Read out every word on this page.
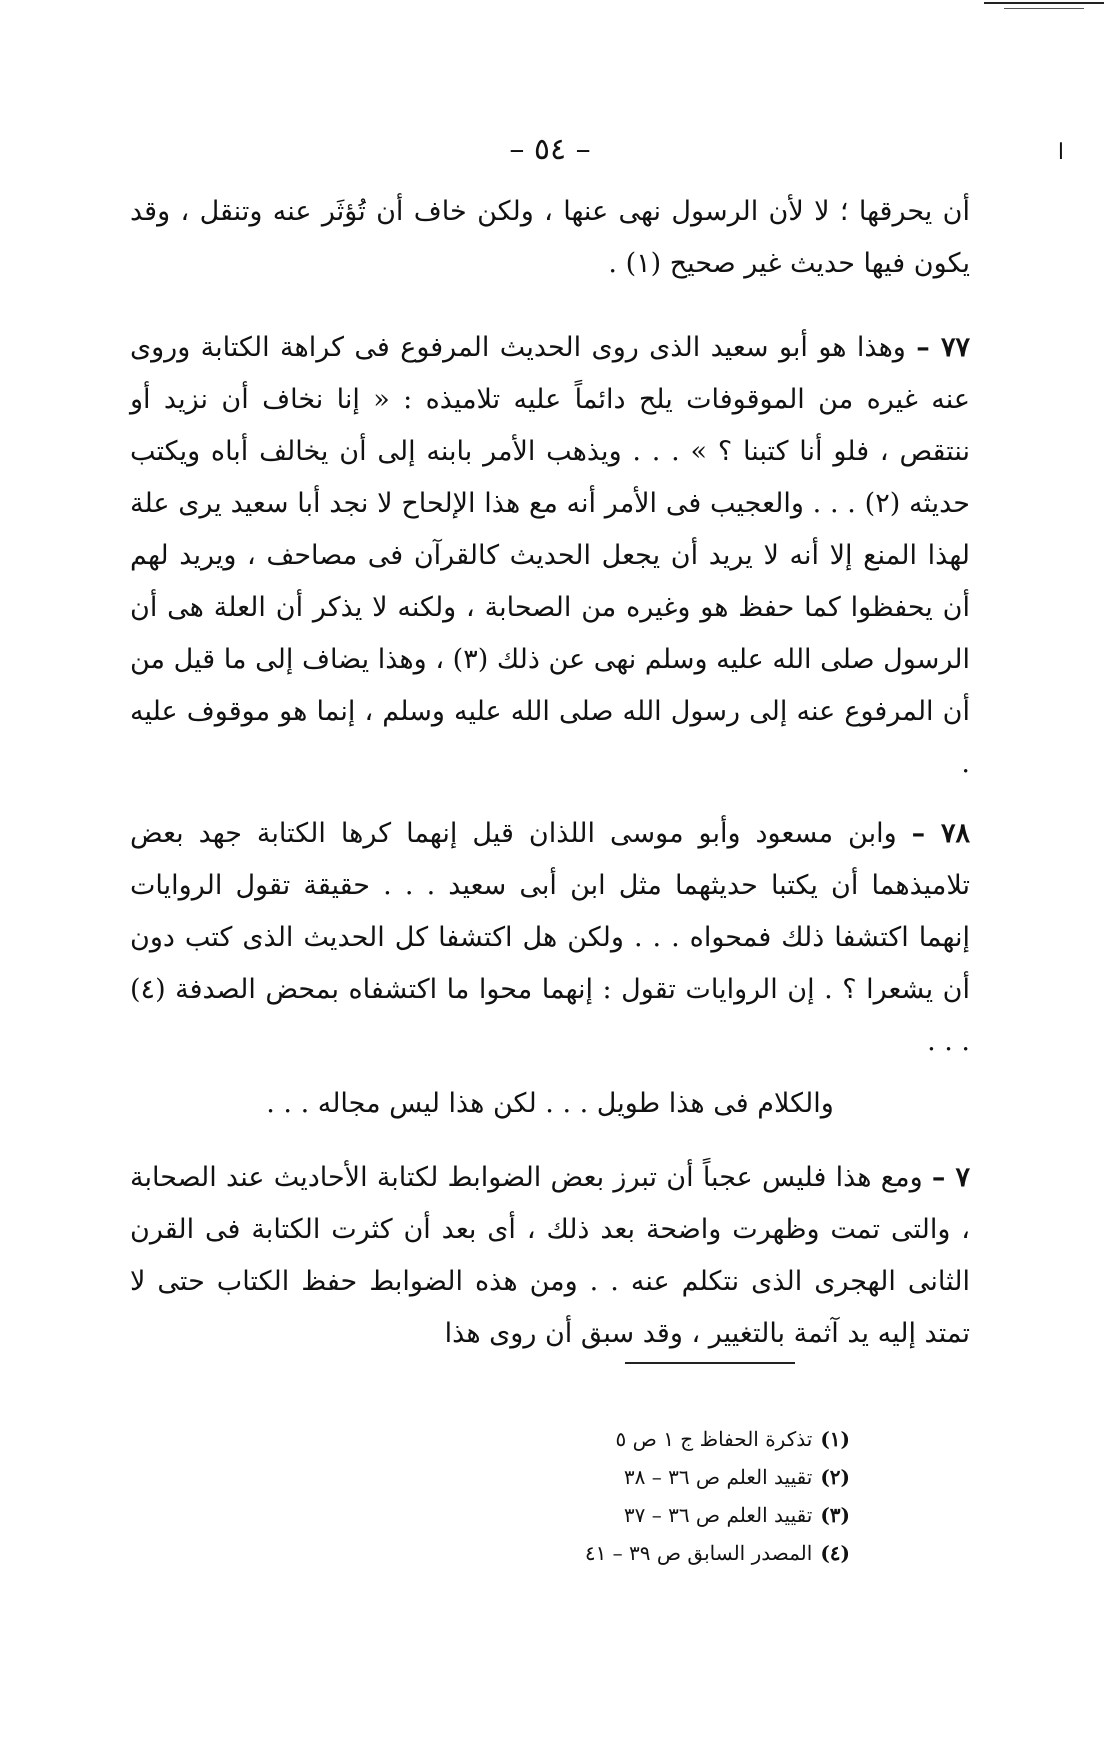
ا
– ٥٤ –

أن يحرقها ؛ لا لأن الرسول نهى عنها ، ولكن خاف أن تُؤثَر عنه وتنقل ، وقد يكون فيها حديث غير صحيح (١) .

٧٧ – وهذا هو أبو سعيد الذى روى الحديث المرفوع فى كراهة الكتابة وروى عنه غيره من الموقوفات يلح دائماً عليه تلاميذه : « إنا نخاف أن نزيد أو ننتقص ، فلو أنا كتبنا ؟ » . . . ويذهب الأمر بابنه إلى أن يخالف أباه ويكتب حديثه (٢) . . . والعجيب فى الأمر أنه مع هذا الإلحاح لا نجد أبا سعيد يرى علة لهذا المنع إلا أنه لا يريد أن يجعل الحديث كالقرآن فى مصاحف ، ويريد لهم أن يحفظوا كما حفظ هو وغيره من الصحابة ، ولكنه لا يذكر أن العلة هى أن الرسول صلى الله عليه وسلم نهى عن ذلك (٣) ، وهذا يضاف إلى ما قيل من أن المرفوع عنه إلى رسول الله صلى الله عليه وسلم ، إنما هو موقوف عليه .

٧٨ – وابن مسعود وأبو موسى اللذان قيل إنهما كرها الكتابة جهد بعض تلاميذهما أن يكتبا حديثهما مثل ابن أبى سعيد . . . حقيقة تقول الروايات إنهما اكتشفا ذلك فمحواه . . . ولكن هل اكتشفا كل الحديث الذى كتب دون أن يشعرا ؟ . إن الروايات تقول : إنهما محوا ما اكتشفاه بمحض الصدفة (٤) . . .

والكلام فى هذا طويل . . . لكن هذا ليس مجاله . . .

٧ – ومع هذا فليس عجباً أن تبرز بعض الضوابط لكتابة الأحاديث عند الصحابة ، والتى تمت وظهرت واضحة بعد ذلك ، أى بعد أن كثرت الكتابة فى القرن الثانى الهجرى الذى نتكلم عنه . . ومن هذه الضوابط حفظ الكتاب حتى لا تمتد إليه يد آثمة بالتغيير ، وقد سبق أن روى هذا

(١)تذكرة الحفاظ ج ١ ص ٥
(٢)تقييد العلم ص ٣٦ – ٣٨
(٣)تقييد العلم ص ٣٦ – ٣٧
(٤)المصدر السابق ص ٣٩ – ٤١
